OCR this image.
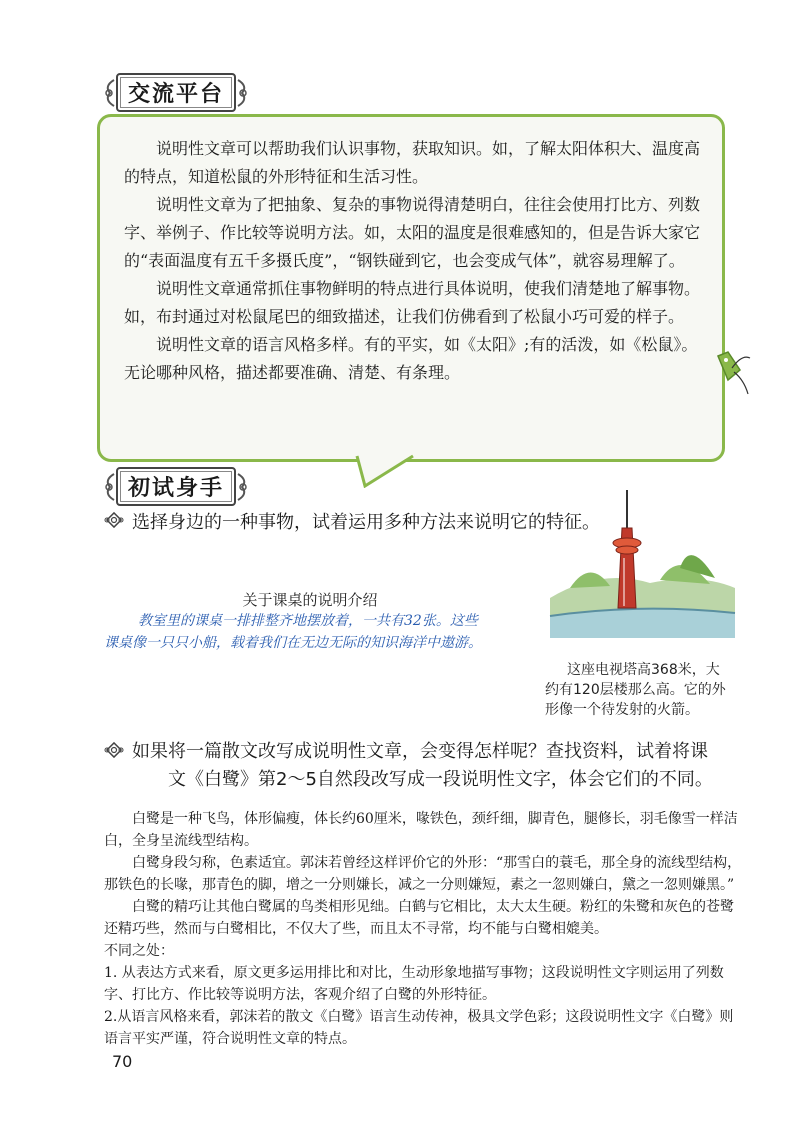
交流平台

说明性文章可以帮助我们认识事物，获取知识。如，了解太阳体积大、温度高的特点，知道松鼠的外形特征和生活习性。

说明性文章为了把抽象、复杂的事物说得清楚明白，往往会使用打比方、列数字、举例子、作比较等说明方法。如，太阳的温度是很难感知的，但是告诉大家它的“表面温度有五千多摄氏度”，“钢铁碰到它，也会变成气体”，就容易理解了。

说明性文章通常抓住事物鲜明的特点进行具体说明，使我们清楚地了解事物。如，布封通过对松鼠尾巴的细致描述，让我们仿佛看到了松鼠小巧可爱的样子。

说明性文章的语言风格多样。有的平实，如《太阳》;有的活泼，如《松鼠》。无论哪种风格，描述都要准确、清楚、有条理。

初试身手
选择身边的一种事物，试着运用多种方法来说明它的特征。
关于课桌的说明介绍
教室里的课桌一排排整齐地摆放着，一共有32张。这些
课桌像一只只小船，载着我们在无边无际的知识海洋中遨游。
这座电视塔高368米，大
约有120层楼那么高。它的外
形像一个待发射的火箭。
如果将一篇散文改写成说明性文章，会变得怎样呢？查找资料，试着将课
文《白鹭》第2～5自然段改写成一段说明性文字，体会它们的不同。

白鹭是一种飞鸟，体形偏瘦，体长约60厘米，喙铁色，颈纤细，脚青色，腿修长，羽毛像雪一样洁白，全身呈流线型结构。

白鹭身段匀称，色素适宜。郭沫若曾经这样评价它的外形：“那雪白的蓑毛，那全身的流线型结构，那铁色的长喙，那青色的脚，增之一分则嫌长，减之一分则嫌短，素之一忽则嫌白，黛之一忽则嫌黑。”

白鹭的精巧让其他白鹭属的鸟类相形见绌。白鹤与它相比，太大太生硬。粉红的朱鹭和灰色的苍鹭还精巧些，然而与白鹭相比，不仅大了些，而且太不寻常，均不能与白鹭相媲美。

不同之处：

1. 从表达方式来看，原文更多运用排比和对比，生动形象地描写事物；这段说明性文字则运用了列数字、打比方、作比较等说明方法，客观介绍了白鹭的外形特征。

2.从语言风格来看，郭沫若的散文《白鹭》语言生动传神，极具文学色彩；这段说明性文字《白鹭》则语言平实严谨，符合说明性文章的特点。

70
